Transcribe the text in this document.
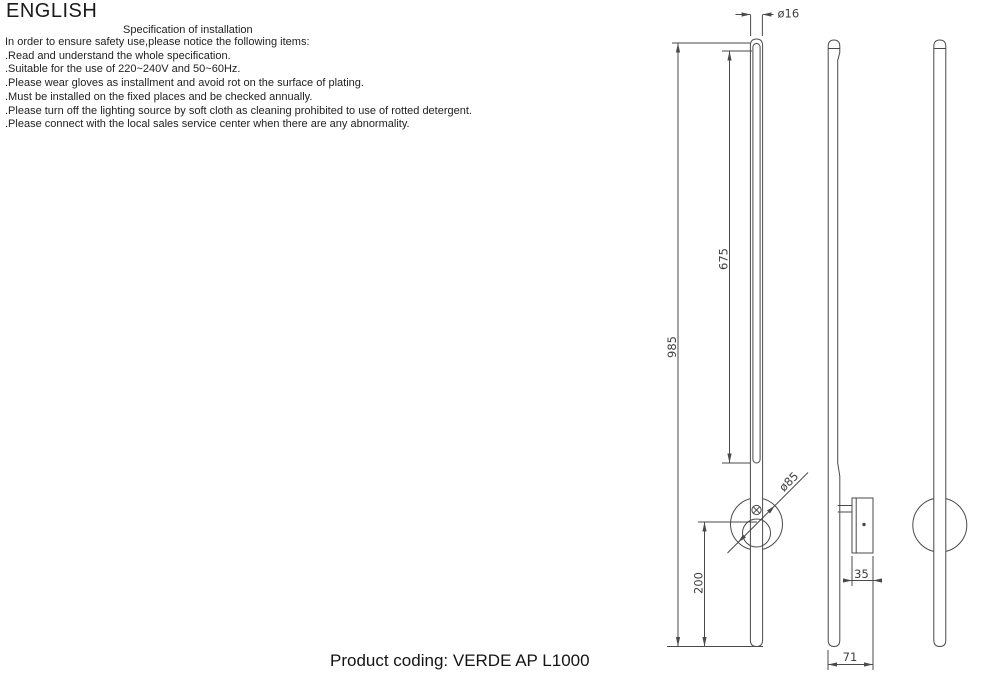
ENGLISH
Specification of installation
In order to ensure safety use,please notice the following items:
.Read and understand the whole specification.
.Suitable for the use of 220~240V and 50~60Hz.
.Please wear gloves as installment and avoid rot on the surface of plating.
.Must be installed on the fixed places and be checked annually.
.Please turn off the lighting source by soft cloth as cleaning prohibited to use of rotted detergent.
.Please connect with the local sales service center when there are any abnormality.
ø16
675
985
ø85
200	35
71
Product coding: VERDE AP L1000
